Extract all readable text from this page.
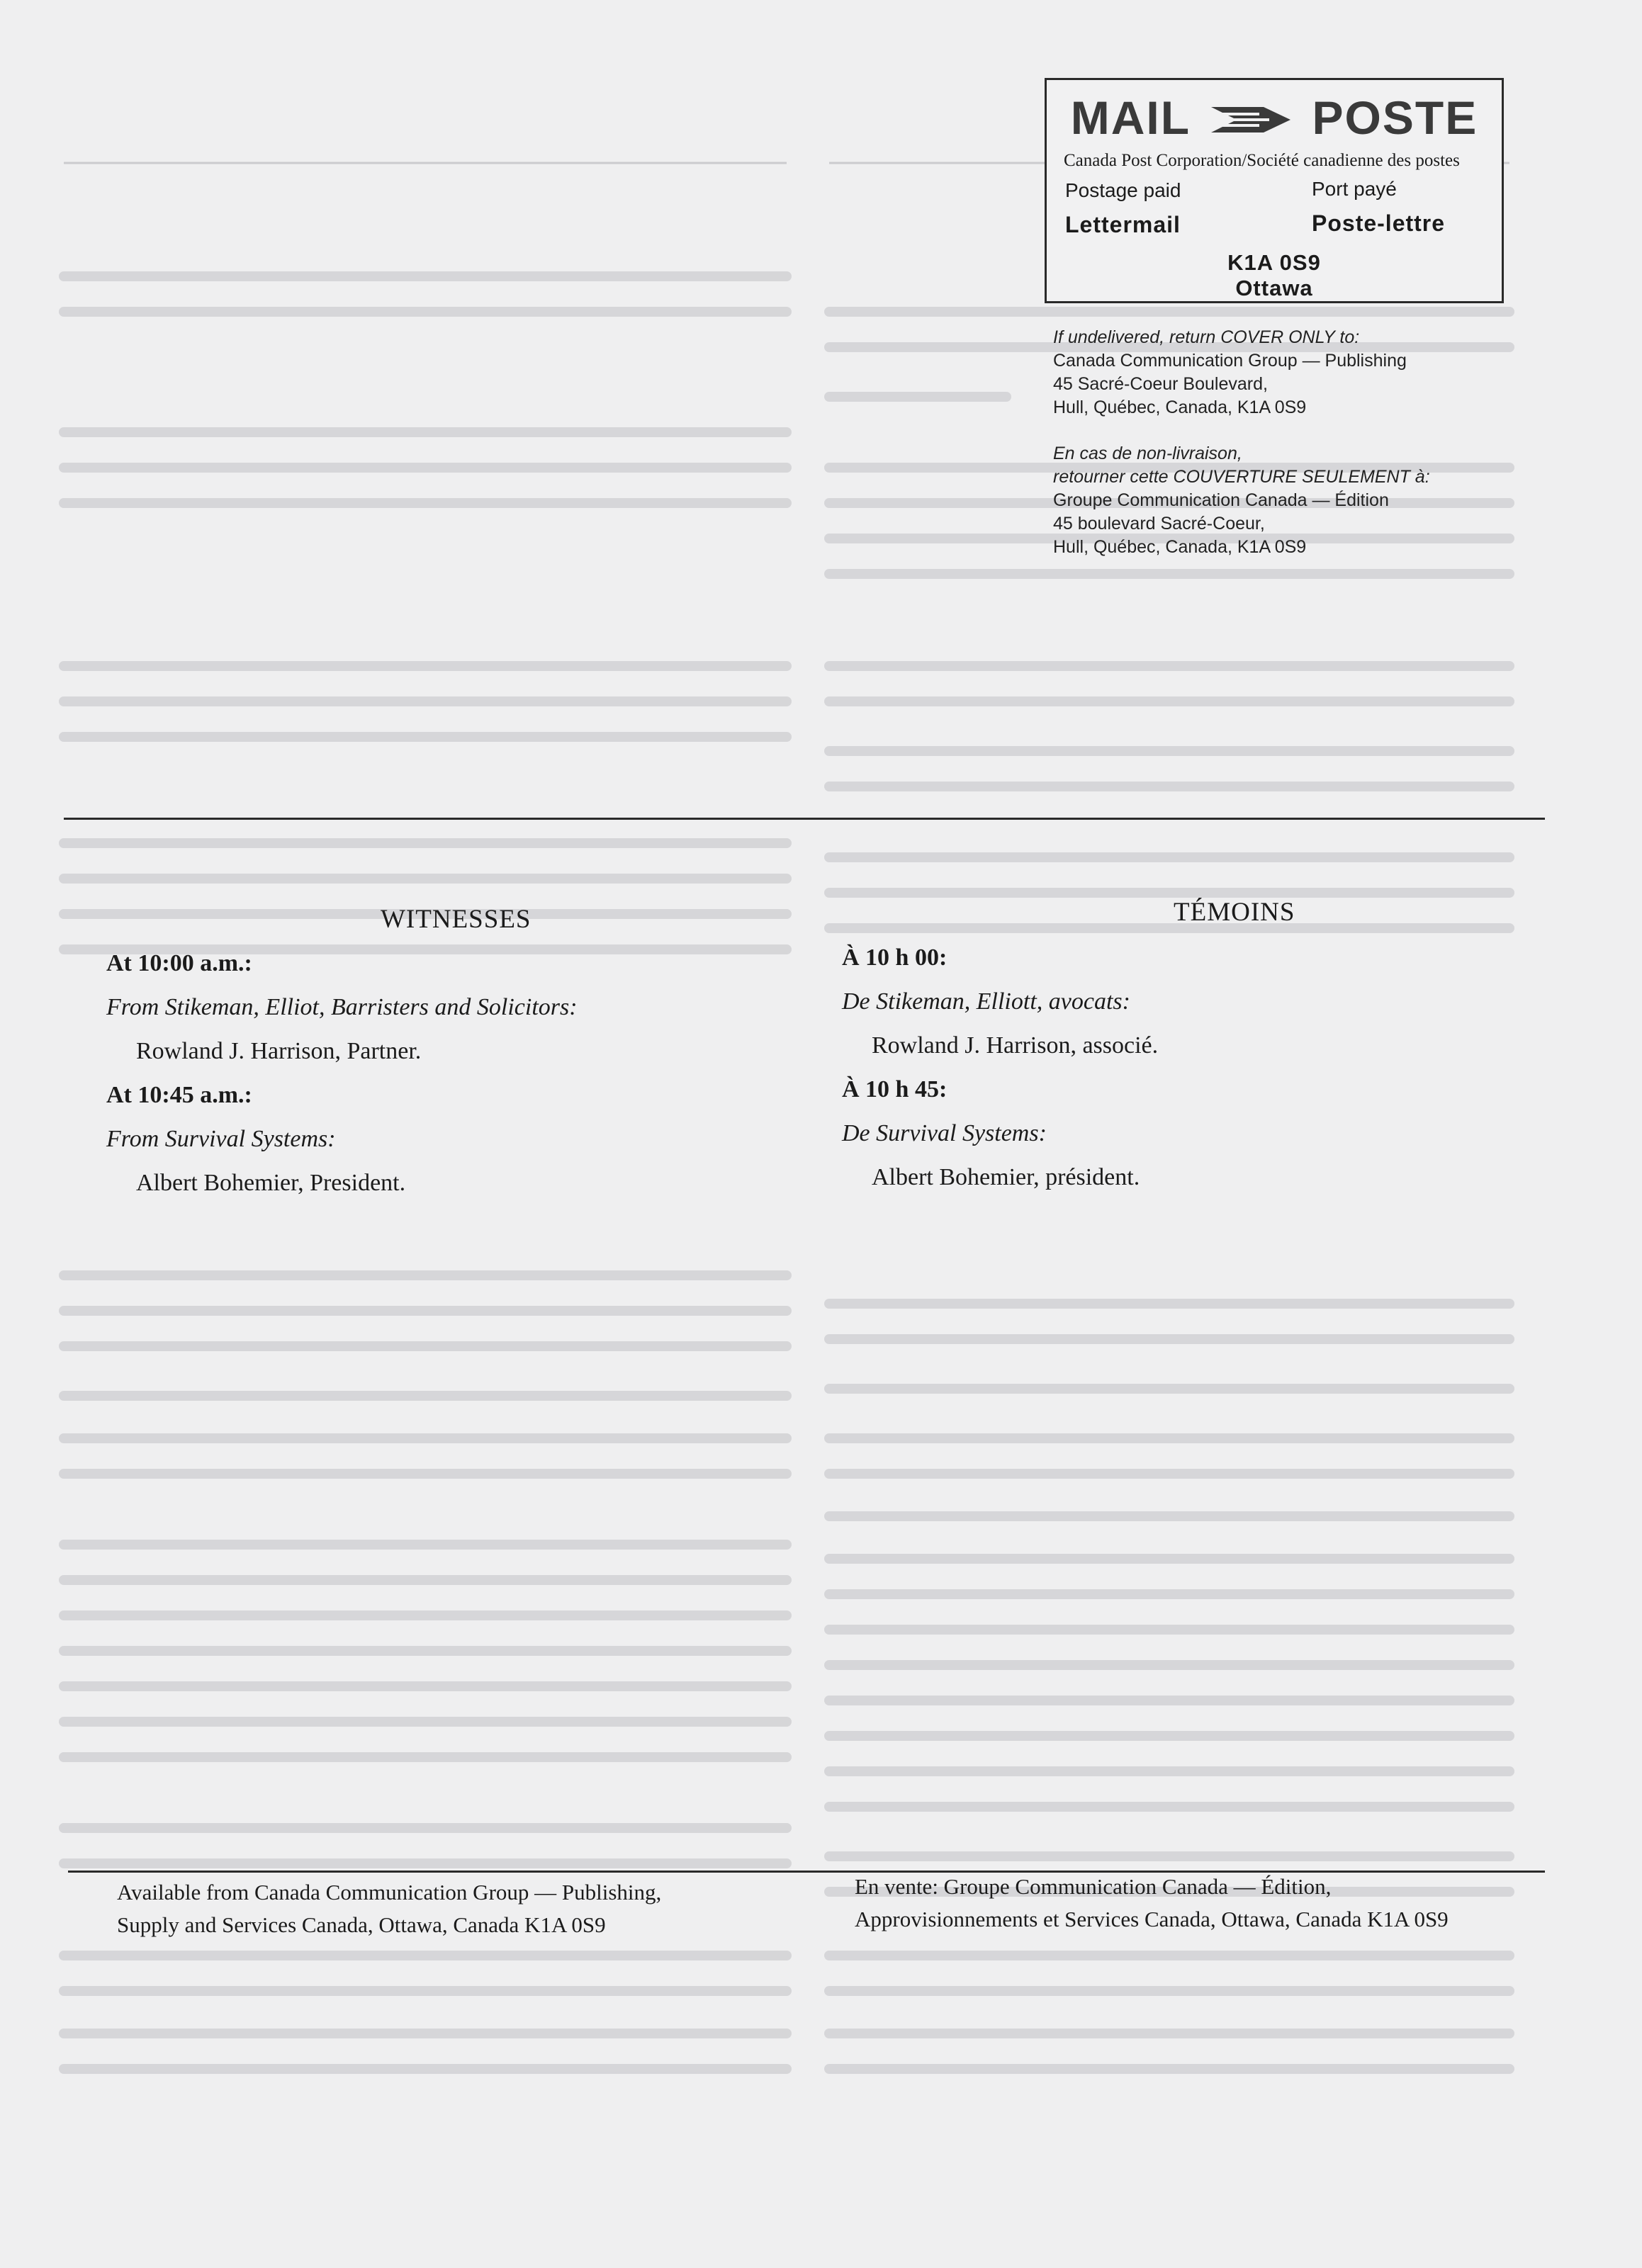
MAIL	POSTE
Canada Post Corporation/Société canadienne des postes
Postage paid	Port payé
Lettermail	Poste-lettre
K1A 0S9
Ottawa
If undelivered, return COVER ONLY to:
Canada Communication Group — Publishing
45 Sacré-Coeur Boulevard,
Hull, Québec, Canada, K1A 0S9
En cas de non-livraison,
retourner cette COUVERTURE SEULEMENT à:
Groupe Communication Canada — Édition
45 boulevard Sacré-Coeur,
Hull, Québec, Canada, K1A 0S9
WITNESSES
At 10:00 a.m.:
From Stikeman, Elliot, Barristers and Solicitors:
Rowland J. Harrison, Partner.
At 10:45 a.m.:
From Survival Systems:
Albert Bohemier, President.
TÉMOINS
À 10 h 00:
De Stikeman, Elliott, avocats:
Rowland J. Harrison, associé.
À 10 h 45:
De Survival Systems:
Albert Bohemier, président.
Available from Canada Communication Group — Publishing,
Supply and Services Canada, Ottawa, Canada K1A 0S9
En vente: Groupe Communication Canada — Édition,
Approvisionnements et Services Canada, Ottawa, Canada K1A 0S9
